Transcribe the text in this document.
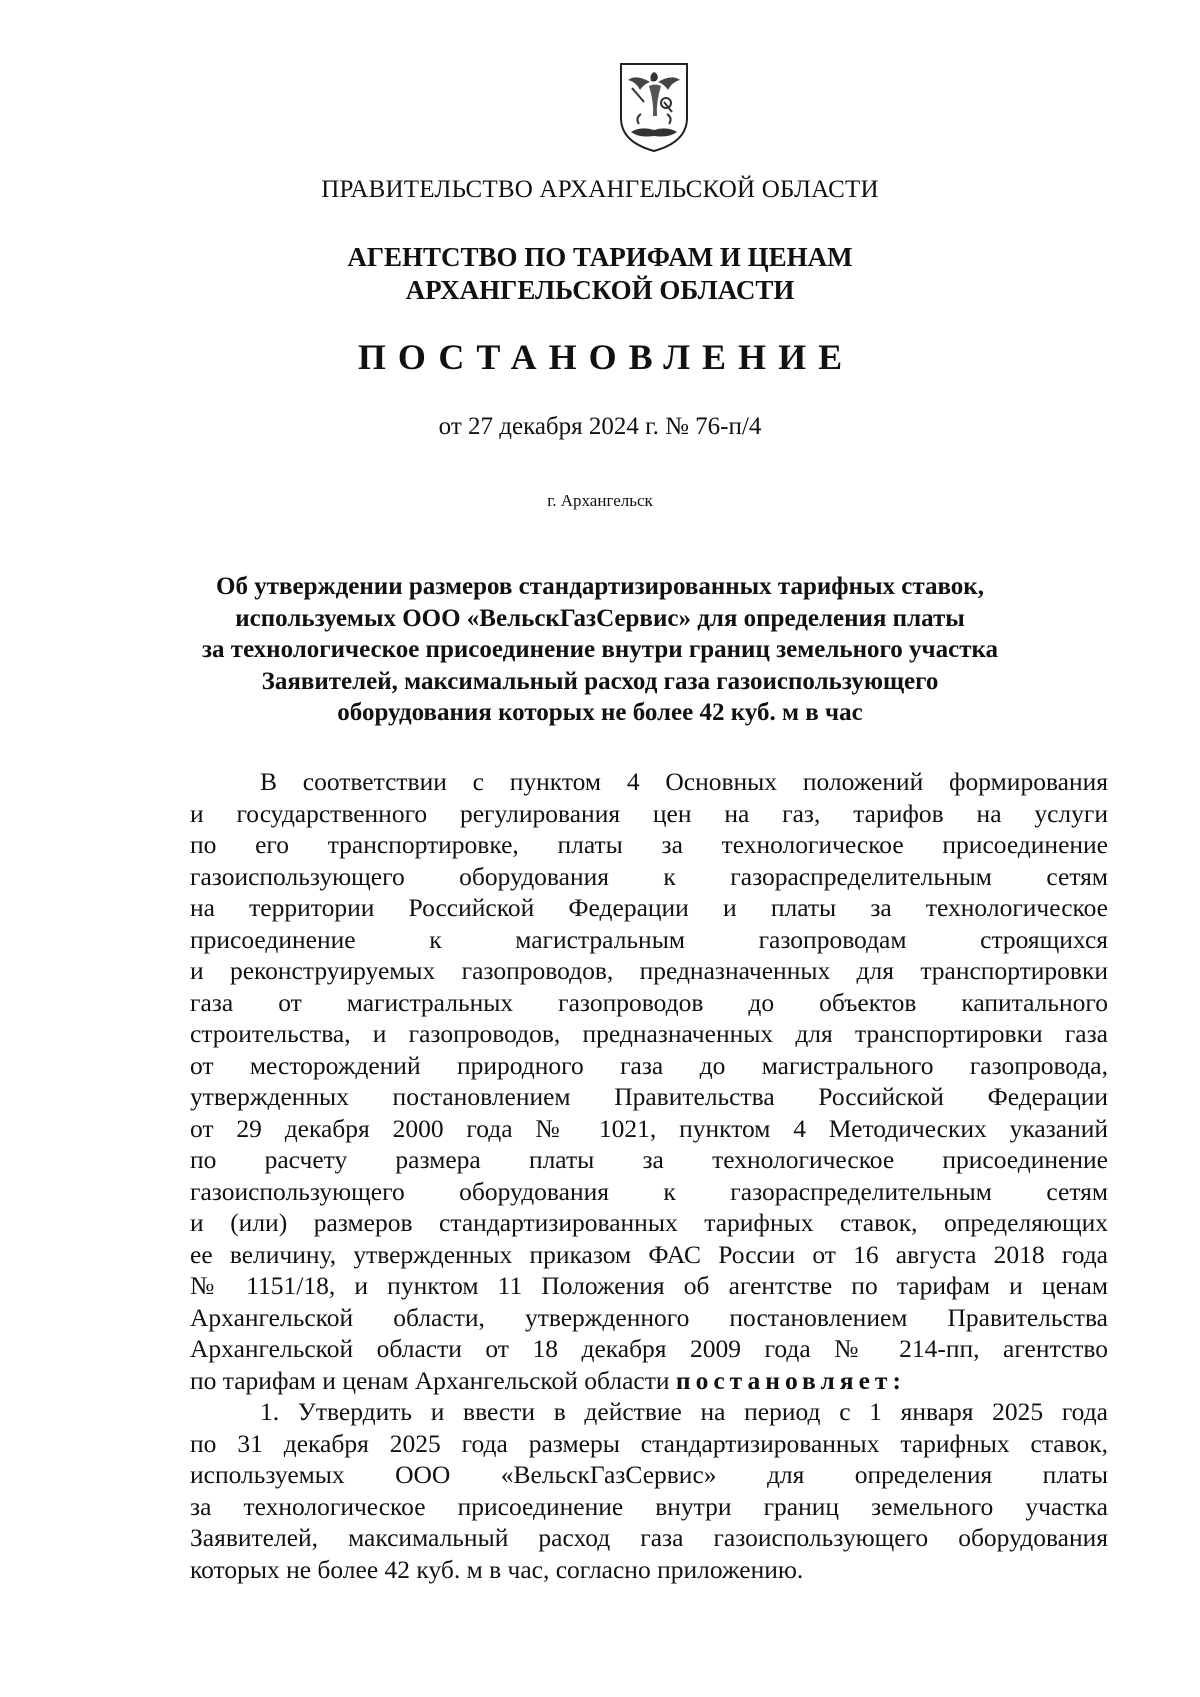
ПРАВИТЕЛЬСТВО АРХАНГЕЛЬСКОЙ ОБЛАСТИ
АГЕНТСТВО ПО ТАРИФАМ И ЦЕНАМ
АРХАНГЕЛЬСКОЙ ОБЛАСТИ
ПОСТАНОВЛЕНИЕ
от 27 декабря 2024 г. № 76-п/4
г. Архангельск
Об утверждении размеров стандартизированных тарифных ставок,
используемых ООО «ВельскГазСервис» для определения платы
за технологическое присоединение внутри границ земельного участка
Заявителей, максимальный расход газа газоиспользующего
оборудования которых не более 42 куб. м в час
В соответствии с пунктом 4 Основных положений формирования
и государственного регулирования цен на газ, тарифов на услуги
по его транспортировке, платы за технологическое присоединение
газоиспользующего оборудования к газораспределительным сетям
на территории Российской Федерации и платы за технологическое
присоединение к магистральным газопроводам строящихся
и реконструируемых газопроводов, предназначенных для транспортировки
газа от магистральных газопроводов до объектов капитального
строительства, и газопроводов, предназначенных для транспортировки газа
от месторождений природного газа до магистрального газопровода,
утвержденных постановлением Правительства Российской Федерации
от 29 декабря 2000 года № 1021, пунктом 4 Методических указаний
по расчету размера платы за технологическое присоединение
газоиспользующего оборудования к газораспределительным сетям
и (или) размеров стандартизированных тарифных ставок, определяющих
ее величину, утвержденных приказом ФАС России от 16 августа 2018 года
№ 1151/18, и пунктом 11 Положения об агентстве по тарифам и ценам
Архангельской области, утвержденного постановлением Правительства
Архангельской области от 18 декабря 2009 года № 214-пп, агентство
по тарифам и ценам Архангельской области постановляет:
1. Утвердить и ввести в действие на период с 1 января 2025 года
по 31 декабря 2025 года размеры стандартизированных тарифных ставок,
используемых ООО «ВельскГазСервис» для определения платы
за технологическое присоединение внутри границ земельного участка
Заявителей, максимальный расход газа газоиспользующего оборудования
которых не более 42 куб. м в час, согласно приложению.
